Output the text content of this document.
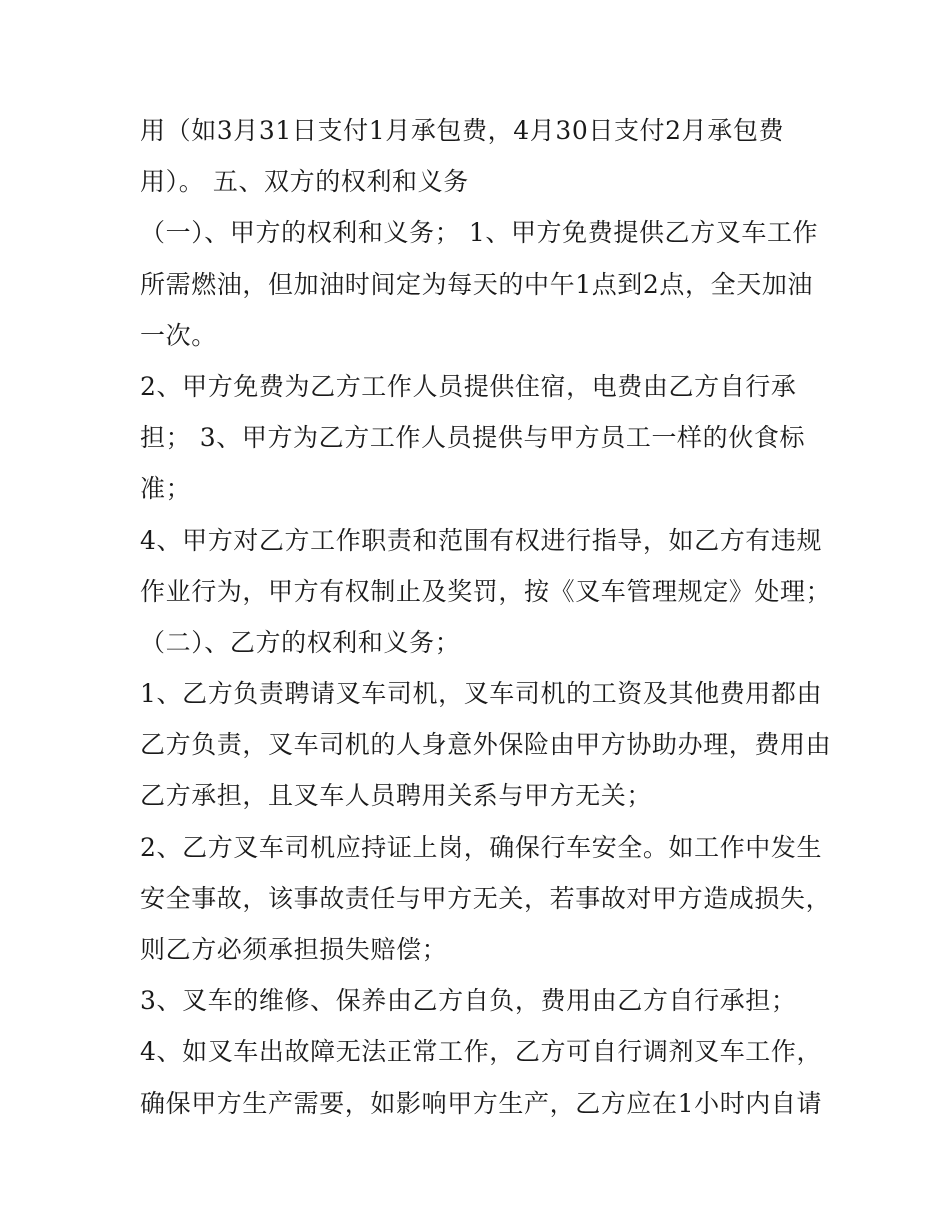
用（如3月31日支付1月承包费，4月30日支付2月承包费
用）。 五、双方的权利和义务
（一）、甲方的权利和义务； 1、甲方免费提供乙方叉车工作
所需燃油，但加油时间定为每天的中午1点到2点，全天加油
一次。
2、甲方免费为乙方工作人员提供住宿，电费由乙方自行承
担； 3、甲方为乙方工作人员提供与甲方员工一样的伙食标
准；
4、甲方对乙方工作职责和范围有权进行指导，如乙方有违规
作业行为，甲方有权制止及奖罚，按《叉车管理规定》处理；
（二）、乙方的权利和义务；
1、乙方负责聘请叉车司机，叉车司机的工资及其他费用都由
乙方负责，叉车司机的人身意外保险由甲方协助办理，费用由
乙方承担，且叉车人员聘用关系与甲方无关；
2、乙方叉车司机应持证上岗，确保行车安全。如工作中发生
安全事故，该事故责任与甲方无关，若事故对甲方造成损失，
则乙方必须承担损失赔偿；
3、叉车的维修、保养由乙方自负，费用由乙方自行承担；
4、如叉车出故障无法正常工作，乙方可自行调剂叉车工作，
确保甲方生产需要，如影响甲方生产，乙方应在1小时内自请
